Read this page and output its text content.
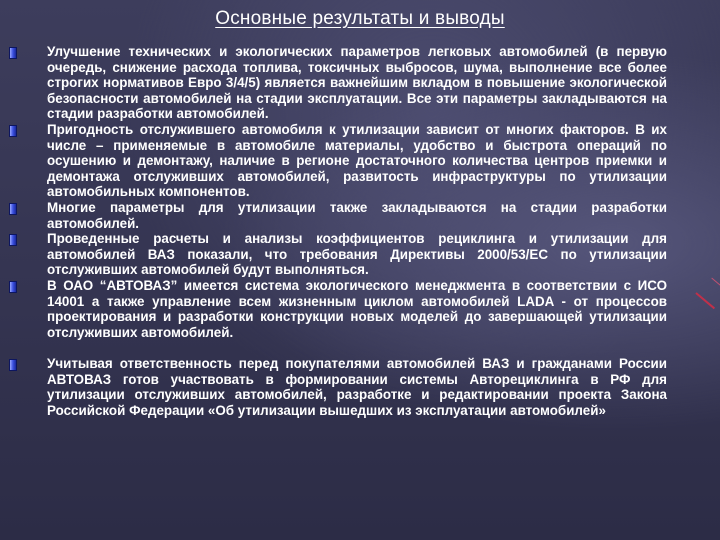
Основные результаты и выводы
Улучшение технических и экологических параметров легковых автомобилей (в первую очередь, снижение расхода топлива, токсичных выбросов, шума, выполнение все более строгих нормативов Евро 3/4/5) является важнейшим вкладом в повышение экологической безопасности автомобилей на стадии эксплуатации. Все эти параметры закладываются на стадии разработки автомобилей.
Пригодность отслужившего автомобиля к утилизации зависит от многих факторов. В их числе – применяемые в автомобиле материалы, удобство и быстрота операций по осушению и демонтажу, наличие в регионе достаточного количества центров приемки и демонтажа отслуживших автомобилей, развитость инфраструктуры по утилизации автомобильных компонентов.
Многие параметры для утилизации также закладываются на стадии разработки автомобилей.
Проведенные расчеты и анализы коэффициентов рециклинга и утилизации для автомобилей ВАЗ показали, что требования Директивы 2000/53/ЕС по утилизации отслуживших автомобилей будут выполняться.
В ОАО “АВТОВАЗ” имеется система экологического менеджмента в соответствии с ИСО 14001 а также управление всем жизненным циклом автомобилей LADA - от процессов проектирования и разработки конструкции новых моделей до завершающей утилизации отслуживших автомобилей.
Учитывая ответственность перед покупателями автомобилей ВАЗ и гражданами России АВТОВАЗ готов участвовать в формировании системы Авторециклинга в РФ для утилизации отслуживших автомобилей, разработке и редактировании проекта Закона Российской Федерации «Об утилизации вышедших из эксплуатации автомобилей»
